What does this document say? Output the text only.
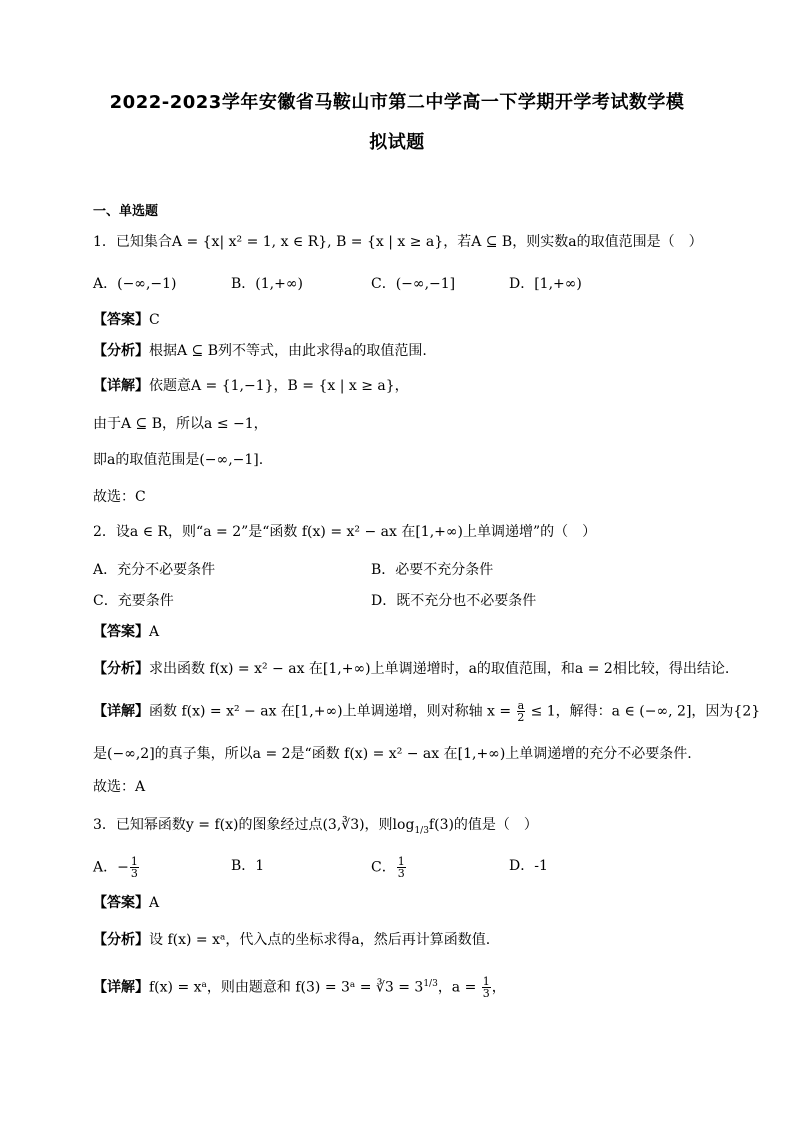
2022-2023学年安徽省马鞍山市第二中学高一下学期开学考试数学模
拟试题
一、单选题
1．已知集合A = {x| x² = 1, x ∈ R}, B = {x | x ≥ a}，若A ⊆ B，则实数a的取值范围是（　）
A．(−∞,−1)	B．(1,+∞)	C．(−∞,−1]	D．[1,+∞)
【答案】C
【分析】根据A ⊆ B列不等式，由此求得a的取值范围.
【详解】依题意A = {1,−1}，B = {x | x ≥ a}，
由于A ⊆ B，所以a ≤ −1，
即a的取值范围是(−∞,−1].
故选：C
2．设a ∈ R，则“a = 2”是“函数 f(x) = x² − ax 在[1,+∞)上单调递增”的（　）
A．充分不必要条件	B．必要不充分条件
C．充要条件	D．既不充分也不必要条件
【答案】A
【分析】求出函数 f(x) = x² − ax 在[1,+∞)上单调递增时，a的取值范围，和a = 2相比较，得出结论.
【详解】函数 f(x) = x² − ax 在[1,+∞)上单调递增，则对称轴 $x = \frac{a}{2} \le 1$，解得：a ∈ (−∞, 2]，因为{2}
是(−∞,2]的真子集，所以a = 2是“函数 f(x) = x² − ax 在[1,+∞)上单调递增的充分不必要条件.
故选：A
3．已知幂函数y = f(x)的图象经过点(3,∛3)，则$\log_{1/3}f(3)$的值是（　）
A．− $\frac{1}{3}$	B．1	C． $\frac{1}{3}$	D．-1
【答案】A
【分析】设 f(x) = xᵃ，代入点的坐标求得a，然后再计算函数值.
【详解】f(x) = xᵃ，则由题意和 f(3) = 3ᵃ = ∛3 = $3^{1/3}$，$a = \frac{1}{3}$ ，
